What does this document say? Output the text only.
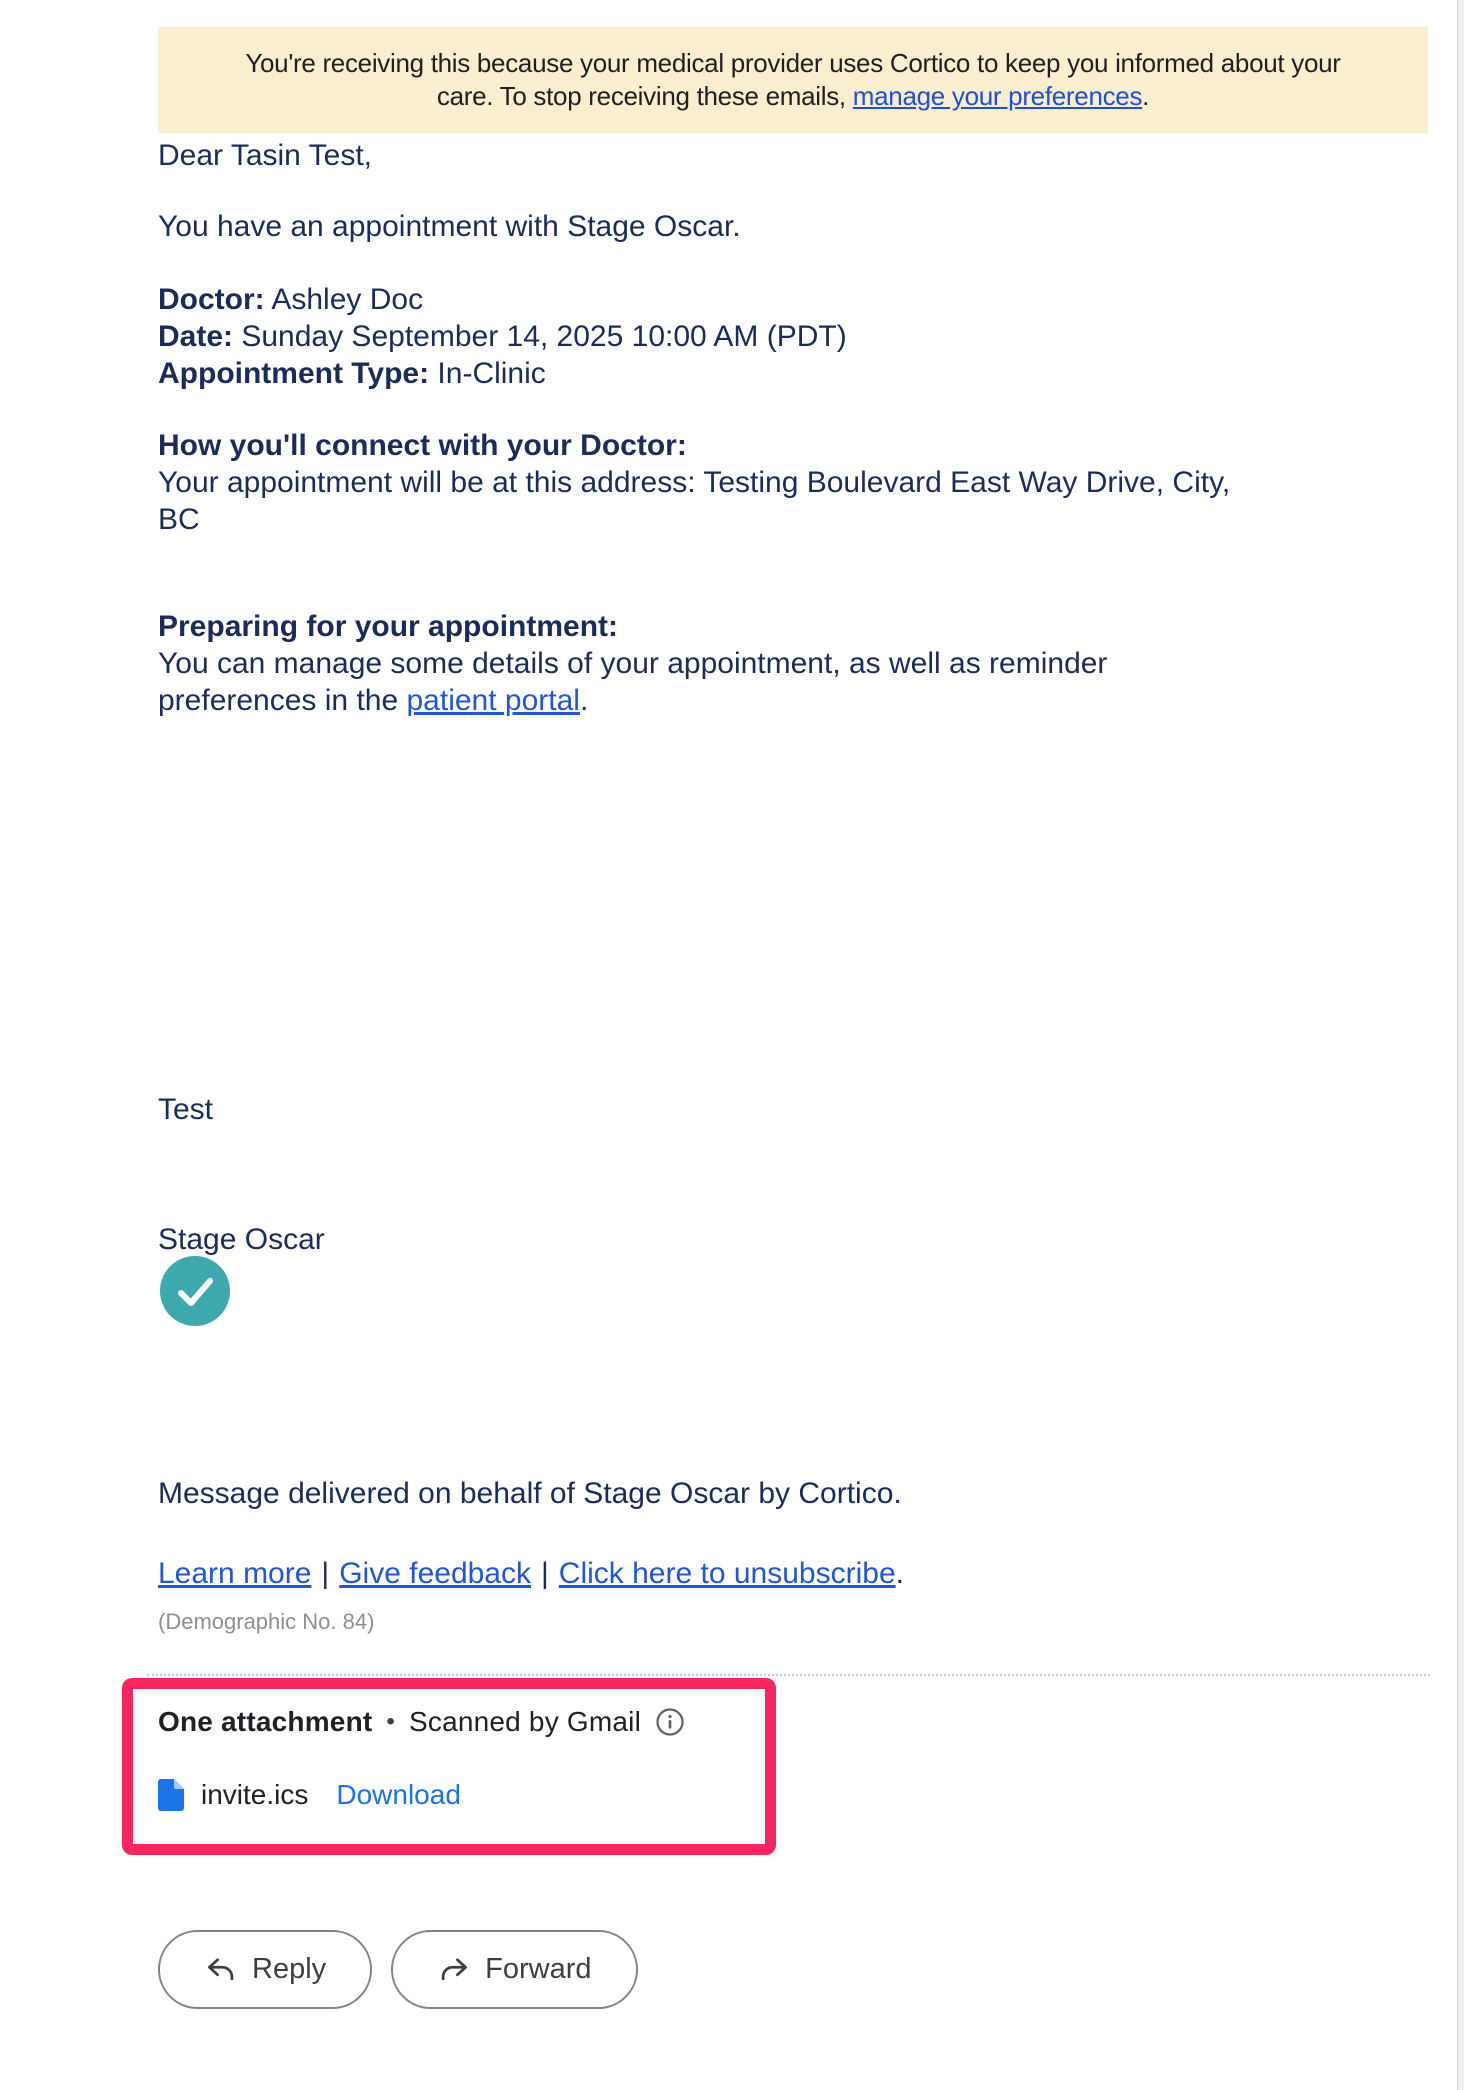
You're receiving this because your medical provider uses Cortico to keep you informed about your
care. To stop receiving these emails, manage your preferences.

Dear Tasin Test,

You have an appointment with Stage Oscar.

Doctor: Ashley Doc
Date: Sunday September 14, 2025 10:00 AM (PDT)
Appointment Type: In-Clinic
How you'll connect with your Doctor:
Your appointment will be at this address: Testing Boulevard East Way Drive, City,
BC
Preparing for your appointment:
You can manage some details of your appointment, as well as reminder
preferences in the patient portal.

Test

Stage Oscar

Message delivered on behalf of Stage Oscar by Cortico.

Learn more | Give feedback | Click here to unsubscribe.

(Demographic No. 84)

One attachment • Scanned by Gmail
invite.ics Download
Reply	Forward
